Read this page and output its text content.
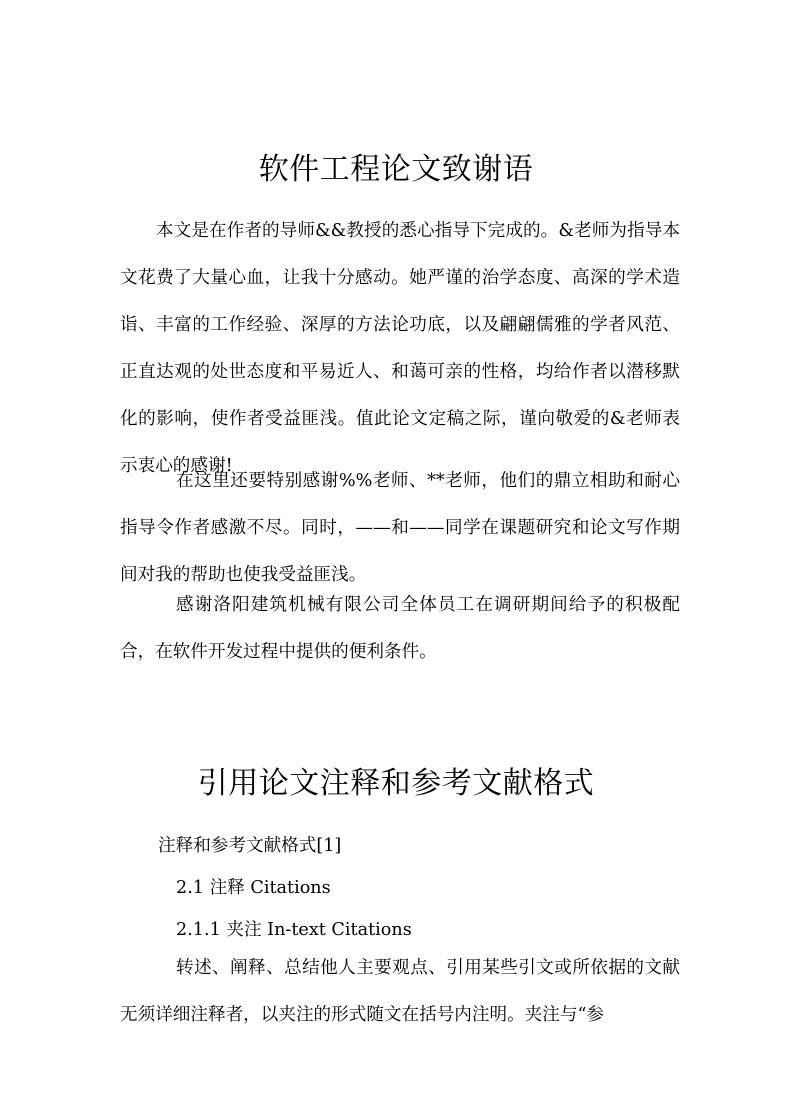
软件工程论文致谢语

本文是在作者的导师&&教授的悉心指导下完成的。&老师为指导本文花费了大量心血，让我十分感动。她严谨的治学态度、高深的学术造诣、丰富的工作经验、深厚的方法论功底，以及翩翩儒雅的学者风范、正直达观的处世态度和平易近人、和蔼可亲的性格，均给作者以潜移默化的影响，使作者受益匪浅。值此论文定稿之际，谨向敬爱的&老师表示衷心的感谢!

在这里还要特别感谢%%老师、**老师，他们的鼎立相助和耐心指导令作者感激不尽。同时，——和——同学在课题研究和论文写作期间对我的帮助也使我受益匪浅。

感谢洛阳建筑机械有限公司全体员工在调研期间给予的积极配合，在软件开发过程中提供的便利条件。

引用论文注释和参考文献格式

注释和参考文献格式[1]

2.1 注释 Citations

2.1.1 夹注 In-text Citations

转述、阐释、总结他人主要观点、引用某些引文或所依据的文献无须详细注释者，以夹注的形式随文在括号内注明。夹注与“参
